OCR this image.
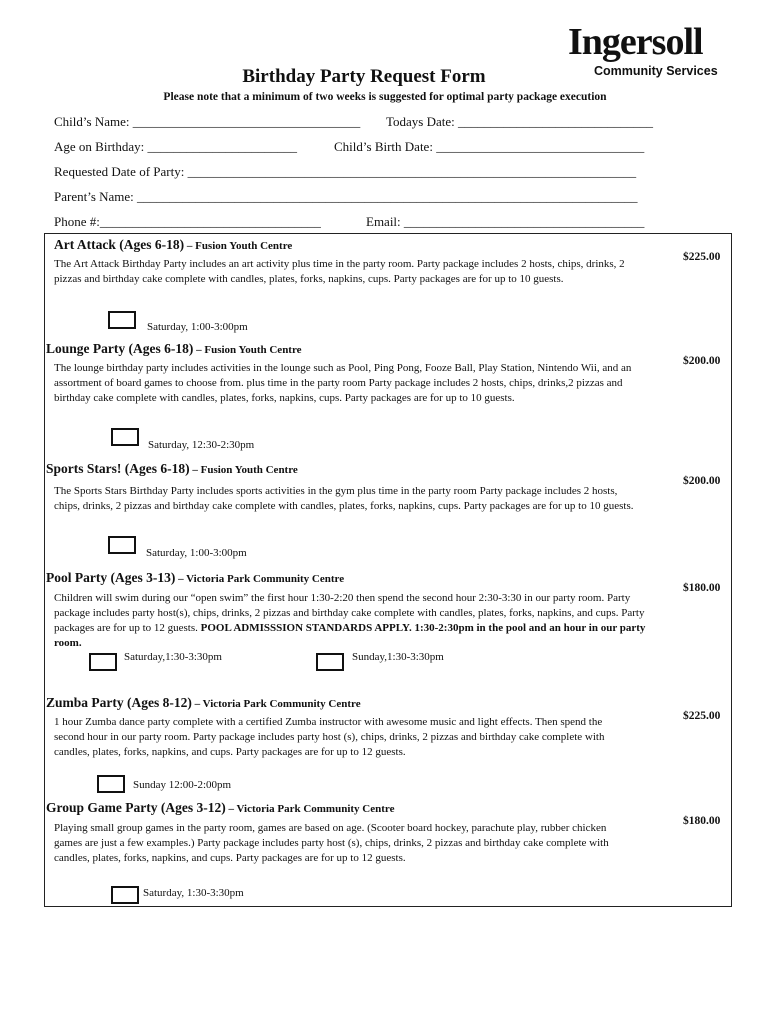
Ingersoll
Community Services
Birthday Party Request Form
Please note that a minimum of two weeks is suggested for optimal party package execution
Child’s Name: ___________________________________ Todays Date: ______________________________
Age on Birthday: _______________________	Child’s Birth Date: ________________________________
Requested Date of Party: _____________________________________________________________________
Parent’s Name: _____________________________________________________________________________
Phone #:__________________________________	Email: _____________________________________
Art Attack (Ages 6-18) – Fusion Youth Centre
The Art Attack Birthday Party includes an art activity plus time in the party room. Party package includes 2 hosts, chips, drinks, 2 pizzas and birthday cake complete with candles, plates, forks, napkins, cups. Party packages are for up to 10 guests.
$225.00
Saturday, 1:00-3:00pm
Lounge Party (Ages 6-18) – Fusion Youth Centre
The lounge birthday party includes activities in the lounge such as Pool, Ping Pong, Fooze Ball, Play Station, Nintendo Wii, and an assortment of board games to choose from. plus time in the party room Party package includes 2 hosts, chips, drinks,2 pizzas and birthday cake complete with candles, plates, forks, napkins, cups. Party packages are for up to 10 guests.
$200.00
Saturday, 12:30-2:30pm
Sports Stars! (Ages 6-18) – Fusion Youth Centre
The Sports Stars Birthday Party includes sports activities in the gym plus time in the party room Party package includes 2 hosts, chips, drinks, 2 pizzas and birthday cake complete with candles, plates, forks, napkins, cups. Party packages are for up to 10 guests.
$200.00
Saturday, 1:00-3:00pm
Pool Party (Ages 3-13) – Victoria Park Community Centre
Children will swim during our “open swim” the first hour 1:30-2:20 then spend the second hour 2:30-3:30 in our party room. Party package includes party host(s), chips, drinks, 2 pizzas and birthday cake complete with candles, plates, forks, napkins, and cups. Party packages are for up to 12 guests. POOL ADMISSSION STANDARDS APPLY. 1:30-2:30pm in the pool and an hour in our party room.
$180.00
Saturday,1:30-3:30pm	Sunday,1:30-3:30pm
Zumba Party (Ages 8-12) – Victoria Park Community Centre
1 hour Zumba dance party complete with a certified Zumba instructor with awesome music and light effects. Then spend the second hour in our party room. Party package includes party host (s), chips, drinks, 2 pizzas and birthday cake complete with candles, plates, forks, napkins, and cups. Party packages are for up to 12 guests.
$225.00
Sunday 12:00-2:00pm
Group Game Party (Ages 3-12) – Victoria Park Community Centre
Playing small group games in the party room, games are based on age. (Scooter board hockey, parachute play, rubber chicken games are just a few examples.) Party package includes party host (s), chips, drinks, 2 pizzas and birthday cake complete with candles, plates, forks, napkins, and cups. Party packages are for up to 12 guests.
$180.00
Saturday, 1:30-3:30pm
